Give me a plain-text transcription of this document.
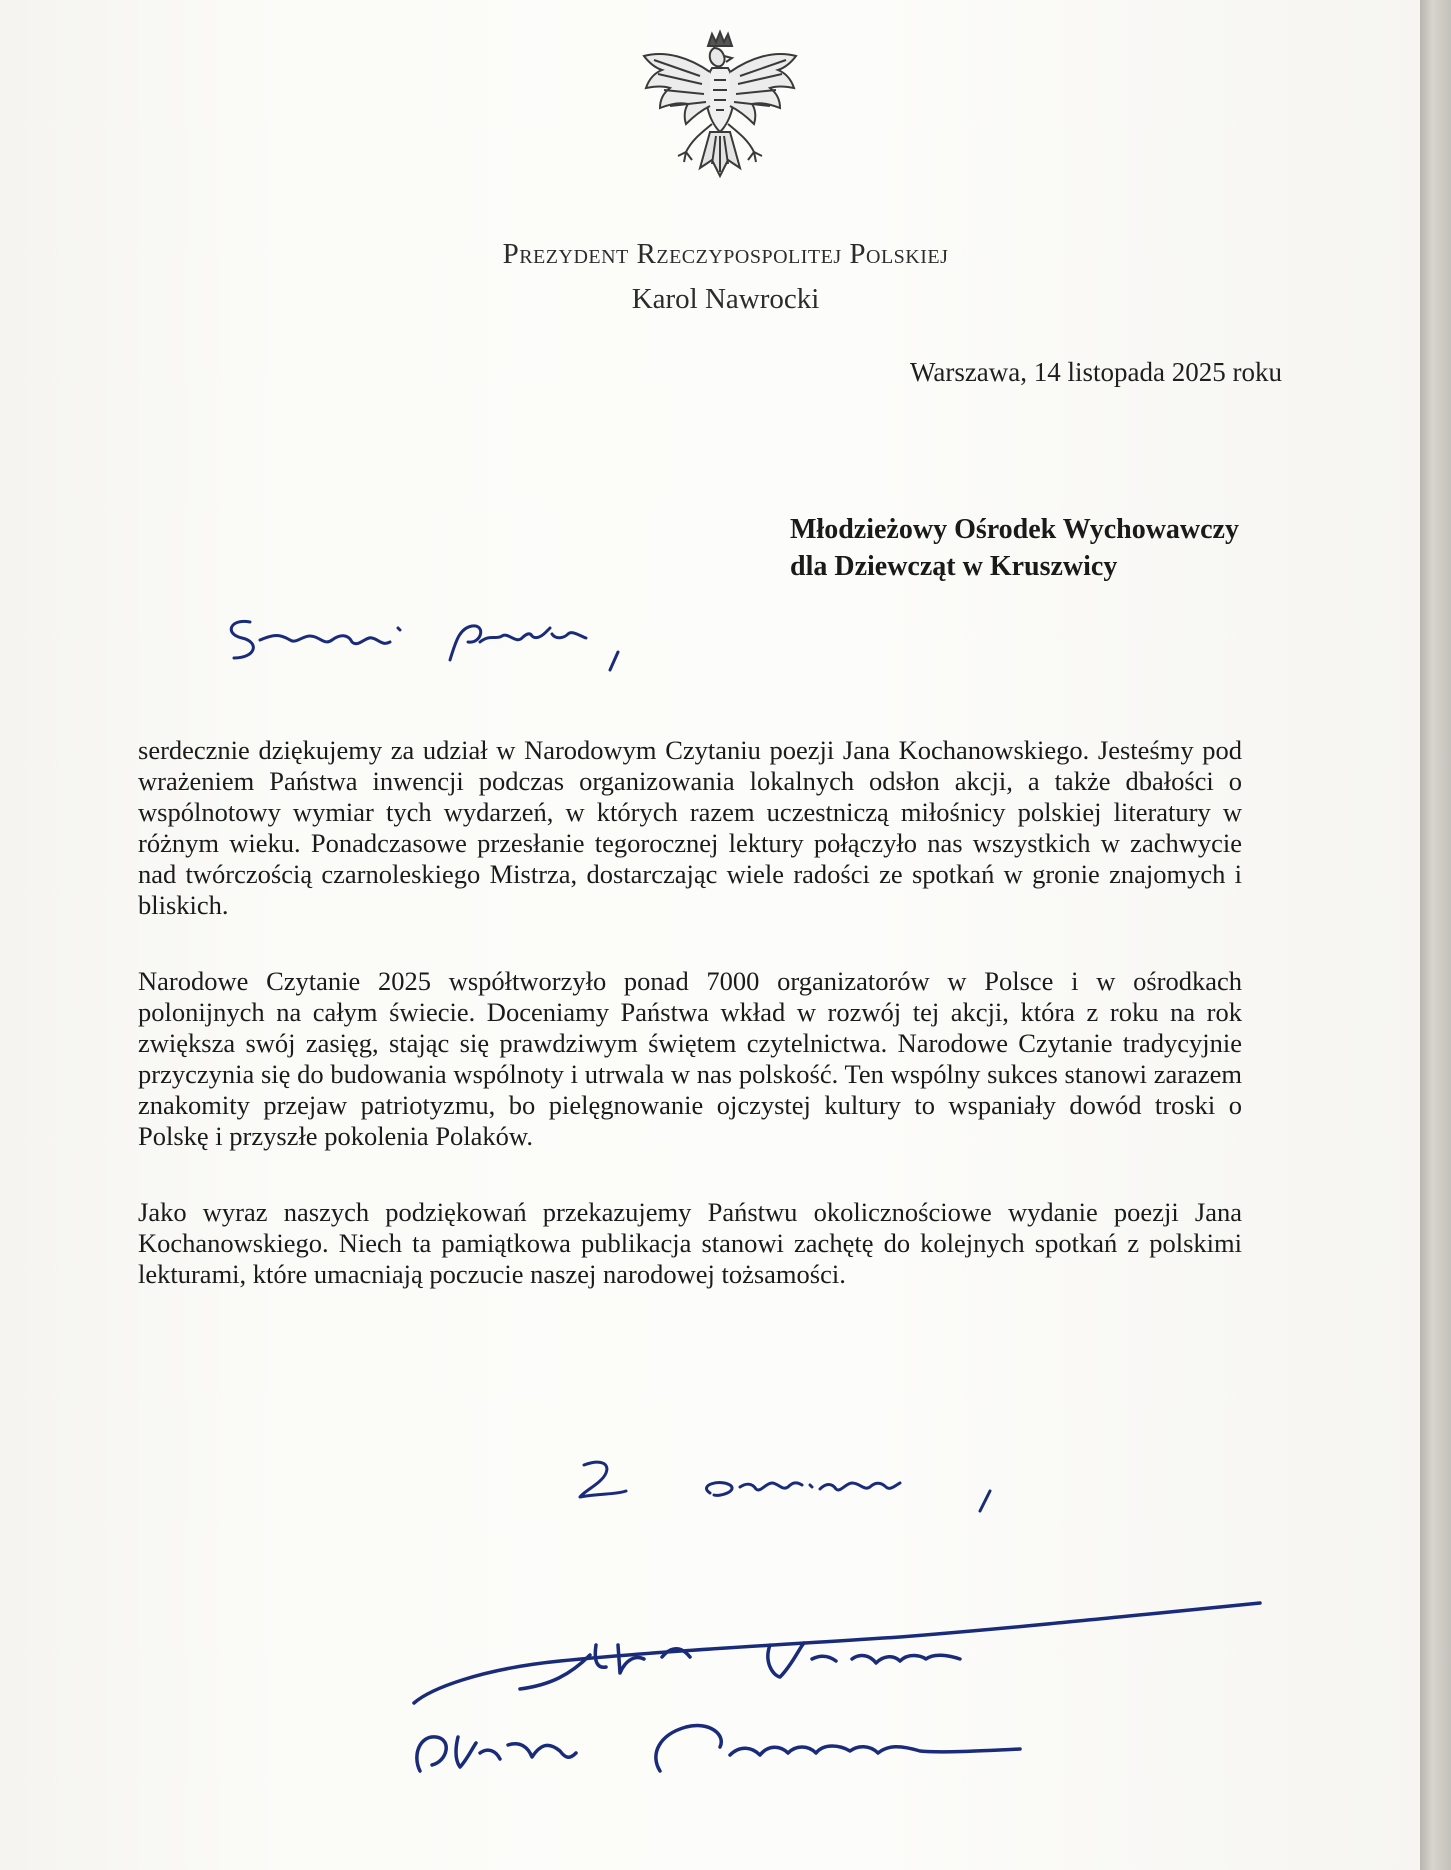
Prezydent Rzeczypospolitej Polskiej
Karol Nawrocki
Warszawa, 14 listopada 2025 roku
Młodzieżowy Ośrodek Wychowawczy
dla Dziewcząt w Kruszwicy

serdecznie dziękujemy za udział w Narodowym Czytaniu poezji Jana Kochanowskiego. Jesteśmy pod wrażeniem Państwa inwencji podczas organizowania lokalnych odsłon akcji, a także dbałości o wspólnotowy wymiar tych wydarzeń, w których razem uczestniczą miłośnicy polskiej literatury w różnym wieku. Ponadczasowe przesłanie tegorocznej lektury połączyło nas wszystkich w zachwycie nad twórczością czarnoleskiego Mistrza, dostarczając wiele radości ze spotkań w gronie znajomych i bliskich.

Narodowe Czytanie 2025 współtworzyło ponad 7000 organizatorów w Polsce i w ośrodkach polonijnych na całym świecie. Doceniamy Państwa wkład w rozwój tej akcji, która z roku na rok zwiększa swój zasięg, stając się prawdziwym świętem czytelnictwa. Narodowe Czytanie tradycyjnie przyczynia się do budowania wspólnoty i utrwala w nas polskość. Ten wspólny sukces stanowi zarazem znakomity przejaw patriotyzmu, bo pielęgnowanie ojczystej kultury to wspaniały dowód troski o Polskę i przyszłe pokolenia Polaków.

Jako wyraz naszych podziękowań przekazujemy Państwu okolicznościowe wydanie poezji Jana Kochanowskiego. Niech ta pamiątkowa publikacja stanowi zachętę do kolejnych spotkań z polskimi lekturami, które umacniają poczucie naszej narodowej tożsamości.
